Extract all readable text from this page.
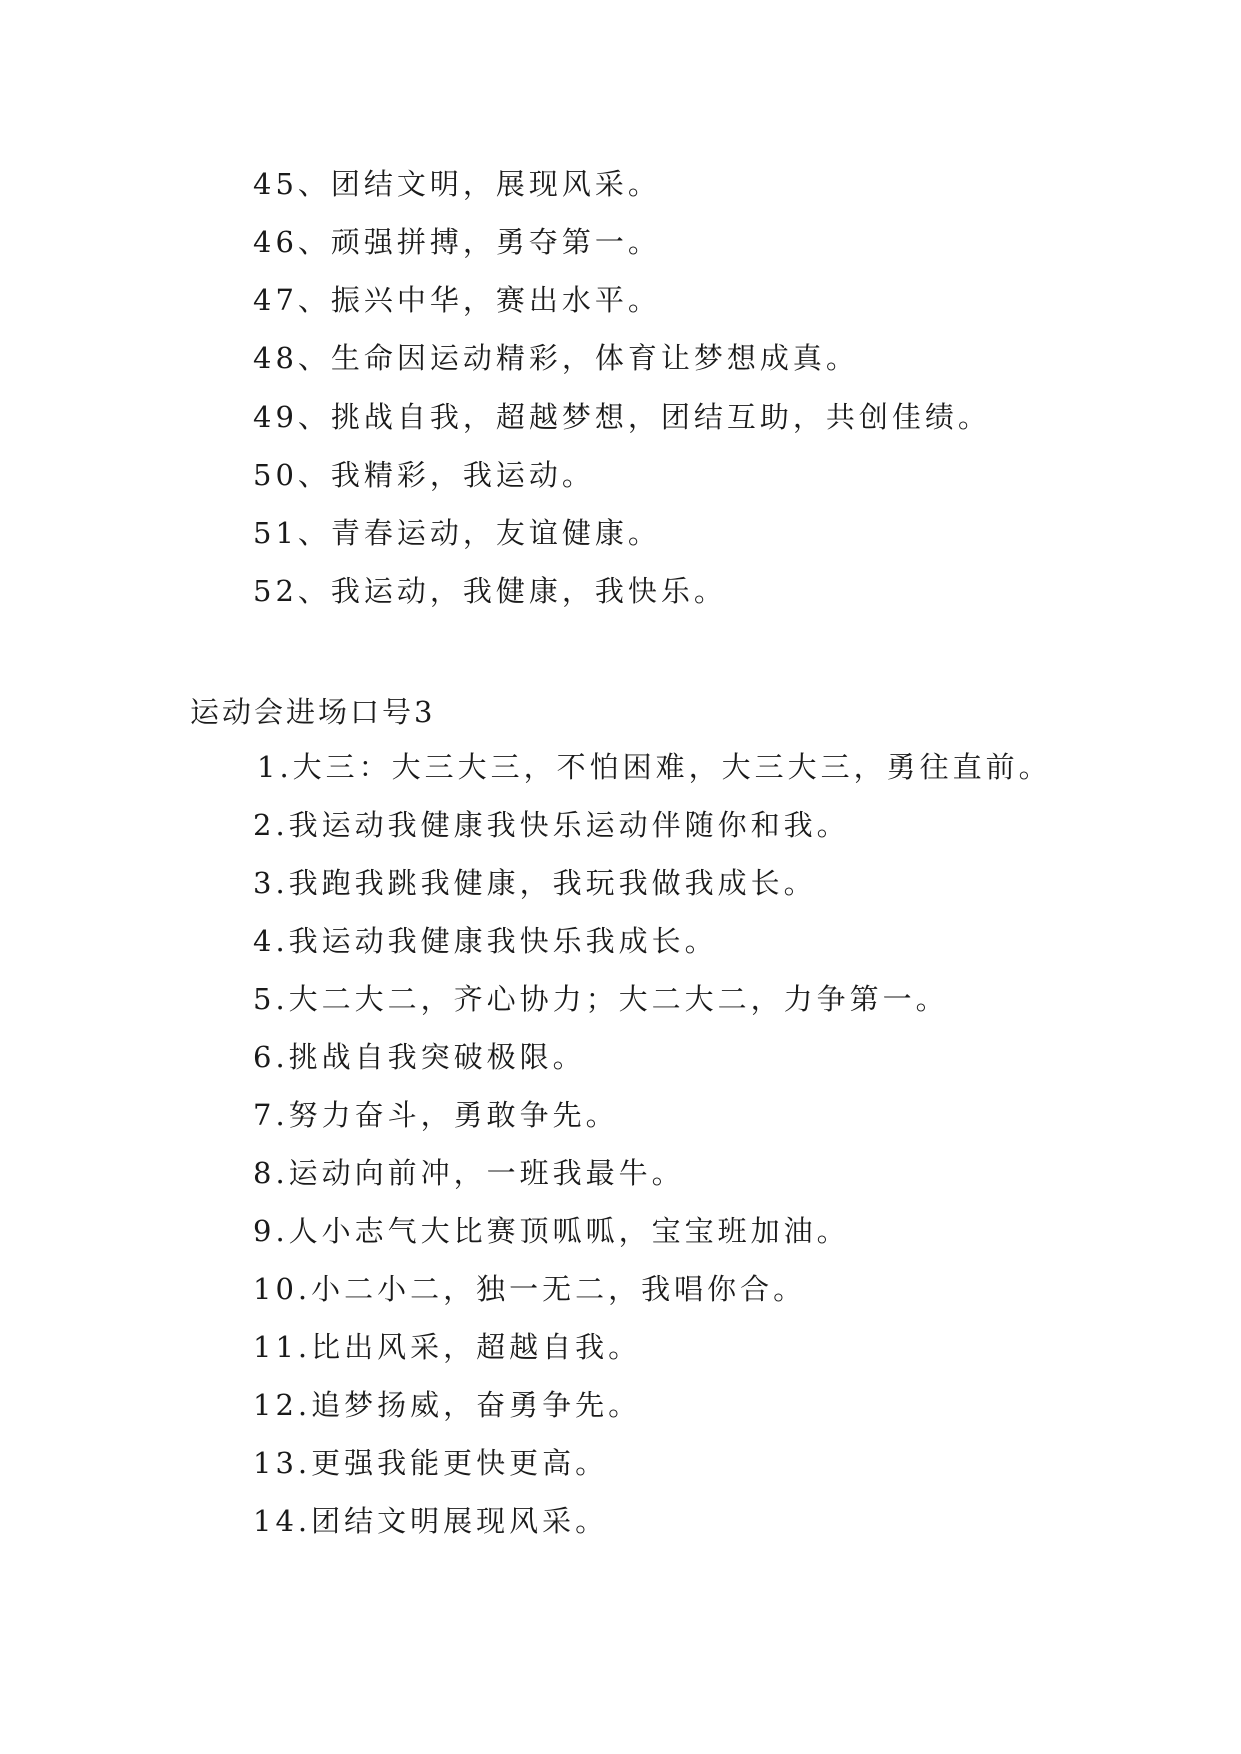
45、团结文明，展现风采。
46、顽强拼搏，勇夺第一。
47、振兴中华，赛出水平。
48、生命因运动精彩，体育让梦想成真。
49、挑战自我，超越梦想，团结互助，共创佳绩。
50、我精彩，我运动。
51、青春运动，友谊健康。
52、我运动，我健康，我快乐。
运动会进场口号3
1.大三：大三大三，不怕困难，大三大三，勇往直前。
2.我运动我健康我快乐运动伴随你和我。
3.我跑我跳我健康，我玩我做我成长。
4.我运动我健康我快乐我成长。
5.大二大二，齐心协力；大二大二，力争第一。
6.挑战自我突破极限。
7.努力奋斗，勇敢争先。
8.运动向前冲，一班我最牛。
9.人小志气大比赛顶呱呱，宝宝班加油。
10.小二小二，独一无二，我唱你合。
11.比出风采，超越自我。
12.追梦扬威，奋勇争先。
13.更强我能更快更高。
14.团结文明展现风采。
